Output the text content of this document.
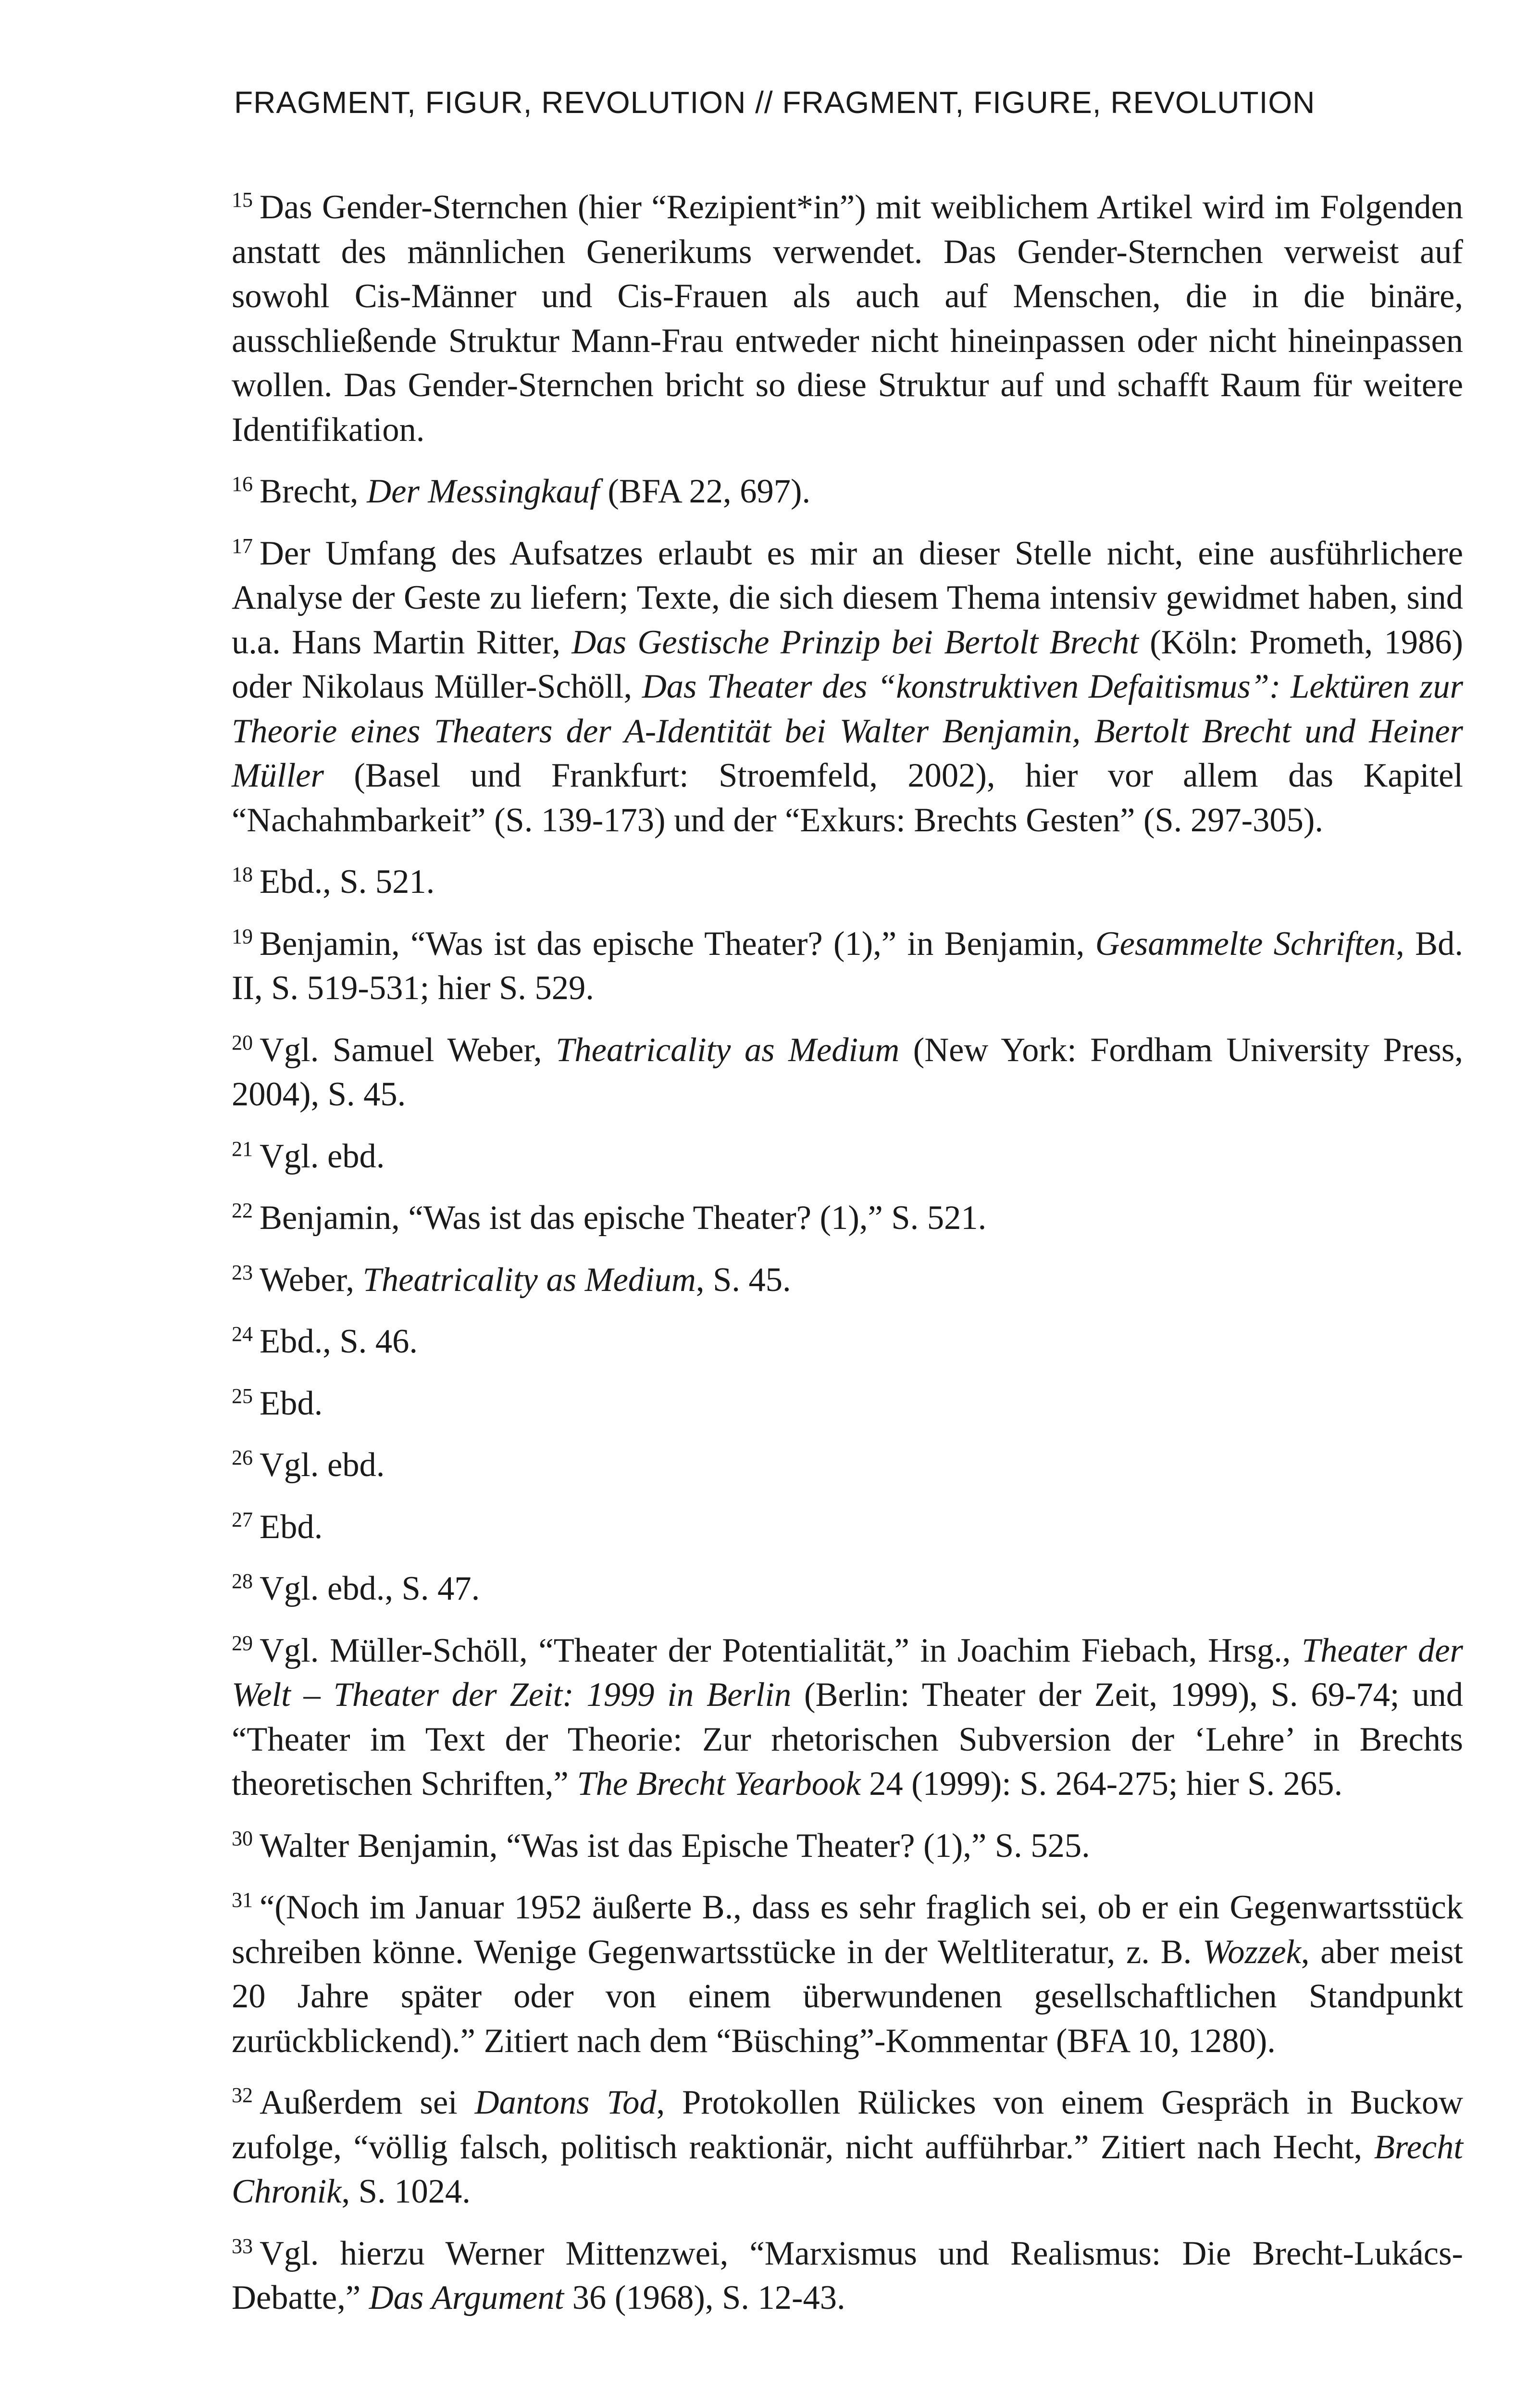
FRAGMENT, FIGUR, REVOLUTION // FRAGMENT, FIGURE, REVOLUTION

$^{15}$ Das Gender-Sternchen (hier “Rezipient*in”) mit weiblichem Artikel wird im Folgenden anstatt des männlichen Generikums verwendet. Das Gender-Sternchen verweist auf sowohl Cis-Männer und Cis-Frauen als auch auf Menschen, die in die binäre, ausschließende Struktur Mann-Frau entweder nicht hineinpassen oder nicht hineinpassen wollen. Das Gender-Sternchen bricht so diese Struktur auf und schafft Raum für weitere Identifikation.

$^{16}$ Brecht, Der Messingkauf (BFA 22, 697).

$^{17}$ Der Umfang des Aufsatzes erlaubt es mir an dieser Stelle nicht, eine ausführlichere Analyse der Geste zu liefern; Texte, die sich diesem Thema intensiv gewidmet haben, sind u.a. Hans Martin Ritter, Das Gestische Prinzip bei Bertolt Brecht (Köln: Prometh, 1986) oder Nikolaus Müller-Schöll, Das Theater des “konstruktiven Defaitismus”: Lektüren zur Theorie eines Theaters der A-Identität bei Walter Benjamin, Bertolt Brecht und Heiner Müller (Basel und Frankfurt: Stroemfeld, 2002), hier vor allem das Kapitel “Nachahmbarkeit” (S. 139-173) und der “Exkurs: Brechts Gesten” (S. 297-305).

$^{18}$ Ebd., S. 521.

$^{19}$ Benjamin, “Was ist das epische Theater? (1),” in Benjamin, Gesammelte Schriften, Bd. II, S. 519-531; hier S. 529.

$^{20}$ Vgl. Samuel Weber, Theatricality as Medium (New York: Fordham University Press, 2004), S. 45.

$^{21}$ Vgl. ebd.

$^{22}$ Benjamin, “Was ist das epische Theater? (1),” S. 521.

$^{23}$ Weber, Theatricality as Medium, S. 45.

$^{24}$ Ebd., S. 46.

$^{25}$ Ebd.

$^{26}$ Vgl. ebd.

$^{27}$ Ebd.

$^{28}$ Vgl. ebd., S. 47.

$^{29}$ Vgl. Müller-Schöll, “Theater der Potentialität,” in Joachim Fiebach, Hrsg., Theater der Welt – Theater der Zeit: 1999 in Berlin (Berlin: Theater der Zeit, 1999), S. 69-74; und “Theater im Text der Theorie: Zur rhetorischen Subversion der ‘Lehre’ in Brechts theoretischen Schriften,” The Brecht Yearbook 24 (1999): S. 264-275; hier S. 265.

$^{30}$ Walter Benjamin, “Was ist das Epische Theater? (1),” S. 525.

$^{31}$ “(Noch im Januar 1952 äußerte B., dass es sehr fraglich sei, ob er ein Gegenwartsstück schreiben könne. Wenige Gegenwartsstücke in der Weltliteratur, z. B. Wozzek, aber meist 20 Jahre später oder von einem überwundenen gesellschaftlichen Standpunkt zurückblickend).” Zitiert nach dem “Büsching”-Kommentar (BFA 10, 1280).

$^{32}$ Außerdem sei Dantons Tod, Protokollen Rülickes von einem Gespräch in Buckow zufolge, “völlig falsch, politisch reaktionär, nicht aufführbar.” Zitiert nach Hecht, Brecht Chronik, S. 1024.

$^{33}$ Vgl. hierzu Werner Mittenzwei, “Marxismus und Realismus: Die Brecht-Lukács-Debatte,” Das Argument 36 (1968), S. 12-43.
